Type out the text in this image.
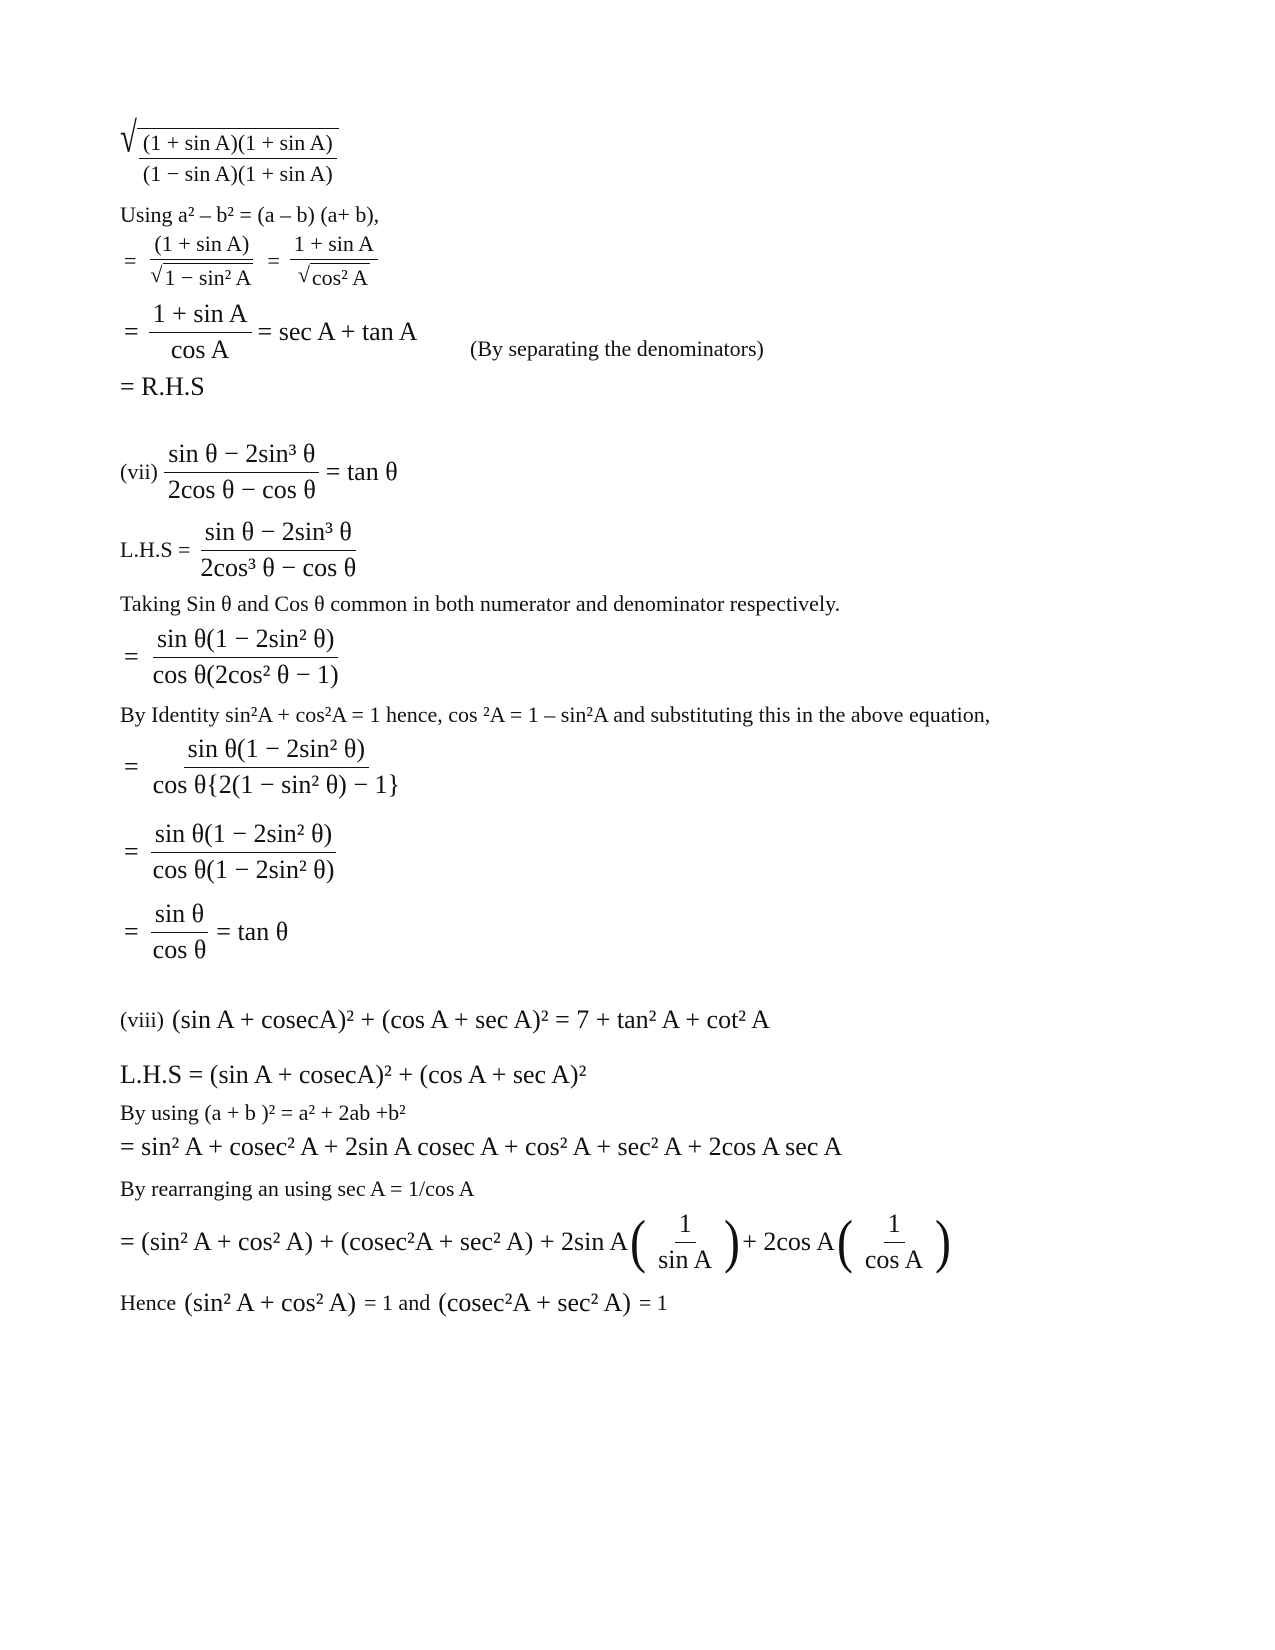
√ $\frac{\text{(1 + sin A)(1 + sin A)}}{\text{(1 − sin A)(1 + sin A)}}$
Using a² – b² = (a – b) (a+ b),
= $\frac{\text{(1 + sin A)}}{\text{√ 1 − sin² A}} = \frac{\text{1 + sin A}}{\text{√ cos² A}}$
= $\frac{\text{1 + sin A}}{\text{cos A}} = \sec A + \tan A$
(By separating the denominators)
= R.H.S
$(vii) \frac{\text{sin θ − 2sin³ θ}}{\text{2cos θ − cos θ}} = \tan \theta$
$L.H.S = \frac{\text{sin θ − 2sin³ θ}}{\text{2cos³ θ − cos θ}}$
Taking Sin θ and Cos θ common in both numerator and denominator respectively.
= $\frac{\text{sin θ(1 − 2sin² θ)}}{\text{cos θ(2cos² θ − 1)}}$
By Identity sin²A + cos²A = 1 hence, cos ²A = 1 – sin²A and substituting this in the above equation,
= $\frac{\text{sin θ(1 − 2sin² θ)}}{\text{cos θ\{2(1 − sin² θ) − 1\}}}$
= $\frac{\text{sin θ(1 − 2sin² θ)}}{\text{cos θ(1 − 2sin² θ)}}$
= $\frac{\text{sin θ}}{\text{cos θ}} = \tan \theta$
(viii) (sin A + cosecA)² + (cos A + sec A)² = 7 + tan² A + cot² A
L.H.S = (sin A + cosecA)² + (cos A + sec A)²
By using (a + b )² = a² + 2ab +b²
= sin² A + cosec² A + 2sin A cosec A + cos² A + sec² A + 2cos A sec A
By rearranging an using sec A = 1/cos A
= (sin² A + cos² A) + (cosec²A + sec² A) + 2sin A ( $\frac{1}{\text{sin A}}$ ) + 2cos A ( $\frac{1}{\text{cos A}}$ )
Hence (sin² A + cos² A) = 1 and (cosec²A + sec² A) = 1
